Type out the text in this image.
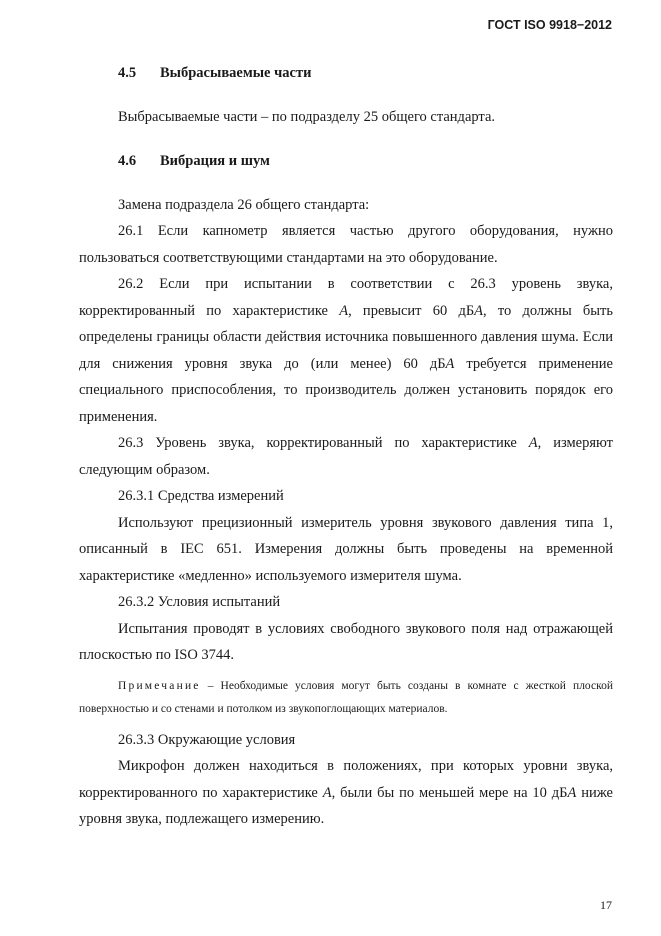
ГОСТ ISO 9918−2012
4.5 Выбрасываемые части

Выбрасываемые части – по подразделу 25 общего стандарта.

4.6 Вибрация и шум

Замена подраздела 26 общего стандарта:

26.1 Если капнометр является частью другого оборудования, нужно пользоваться соответствующими стандартами на это оборудование.

26.2 Если при испытании в соответствии с 26.3 уровень звука, корректированный по характеристике A, превысит 60 дБA, то должны быть определены границы области действия источника повышенного давления шума. Если для снижения уровня звука до (или менее) 60 дБA требуется применение специального приспособления, то производитель должен установить порядок его применения.

26.3 Уровень звука, корректированный по характеристике A, измеряют следующим образом.

26.3.1 Средства измерений

Используют прецизионный измеритель уровня звукового давления типа 1, описанный в IEC 651. Измерения должны быть проведены на временной характеристике «медленно» используемого измерителя шума.

26.3.2 Условия испытаний

Испытания проводят в условиях свободного звукового поля над отражающей плоскостью по ISO 3744.

Примечание – Необходимые условия могут быть созданы в комнате с жесткой плоской поверхностью и со стенами и потолком из звукопоглощающих материалов.

26.3.3 Окружающие условия

Микрофон должен находиться в положениях, при которых уровни звука, корректированного по характеристике A, были бы по меньшей мере на 10 дБA ниже уровня звука, подлежащего измерению.

17
